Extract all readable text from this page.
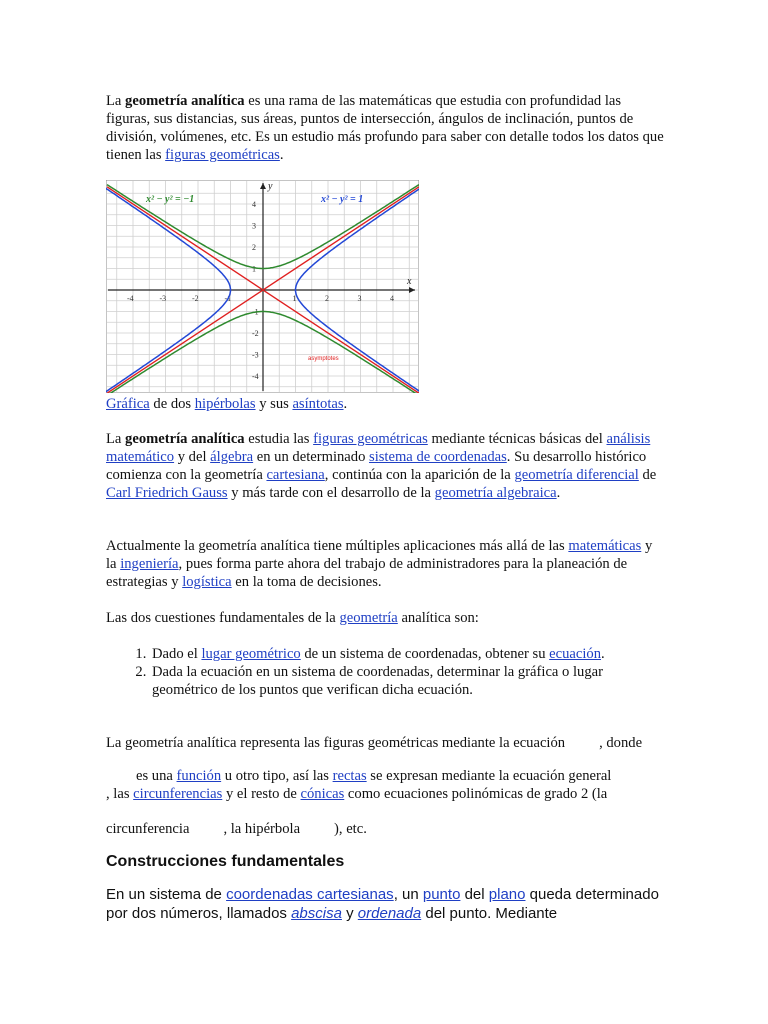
La geometría analítica es una rama de las matemáticas que estudia con profundidad las figuras, sus distancias, sus áreas, puntos de intersección, ángulos de inclinación, puntos de división, volúmenes, etc. Es un estudio más profundo para saber con detalle todos los datos que tienen las figuras geométricas.

-4	-3	-2	-1	1	2	3	4
4
3
2
1
-1
-2
-3
-4
x
y
x² − y² = −1	x² − y² = 1
asymptotes

Gráfica de dos hipérbolas y sus asíntotas.

La geometría analítica estudia las figuras geométricas mediante técnicas básicas del análisis matemático y del álgebra en un determinado sistema de coordenadas. Su desarrollo histórico comienza con la geometría cartesiana, continúa con la aparición de la geometría diferencial de Carl Friedrich Gauss y más tarde con el desarrollo de la geometría algebraica.

Actualmente la geometría analítica tiene múltiples aplicaciones más allá de las matemáticas y la ingeniería, pues forma parte ahora del trabajo de administradores para la planeación de estrategias y logística en la toma de decisiones.

Las dos cuestiones fundamentales de la geometría analítica son:

1. Dado el lugar geométrico de un sistema de coordenadas, obtener su ecuación.
2. Dada la ecuación en un sistema de coordenadas, determinar la gráfica o lugar geométrico de los puntos que verifican dicha ecuación.
La geometría analítica representa las figuras geométricas mediante la ecuación , donde

es una función u otro tipo, así las rectas se expresan mediante la ecuación general

, las circunferencias y el resto de cónicas como ecuaciones polinómicas de grado 2 (la

circunferencia , la hipérbola ), etc.
Construcciones fundamentales
En un sistema de coordenadas cartesianas, un punto del plano queda determinado por dos números, llamados abscisa y ordenada del punto. Mediante
